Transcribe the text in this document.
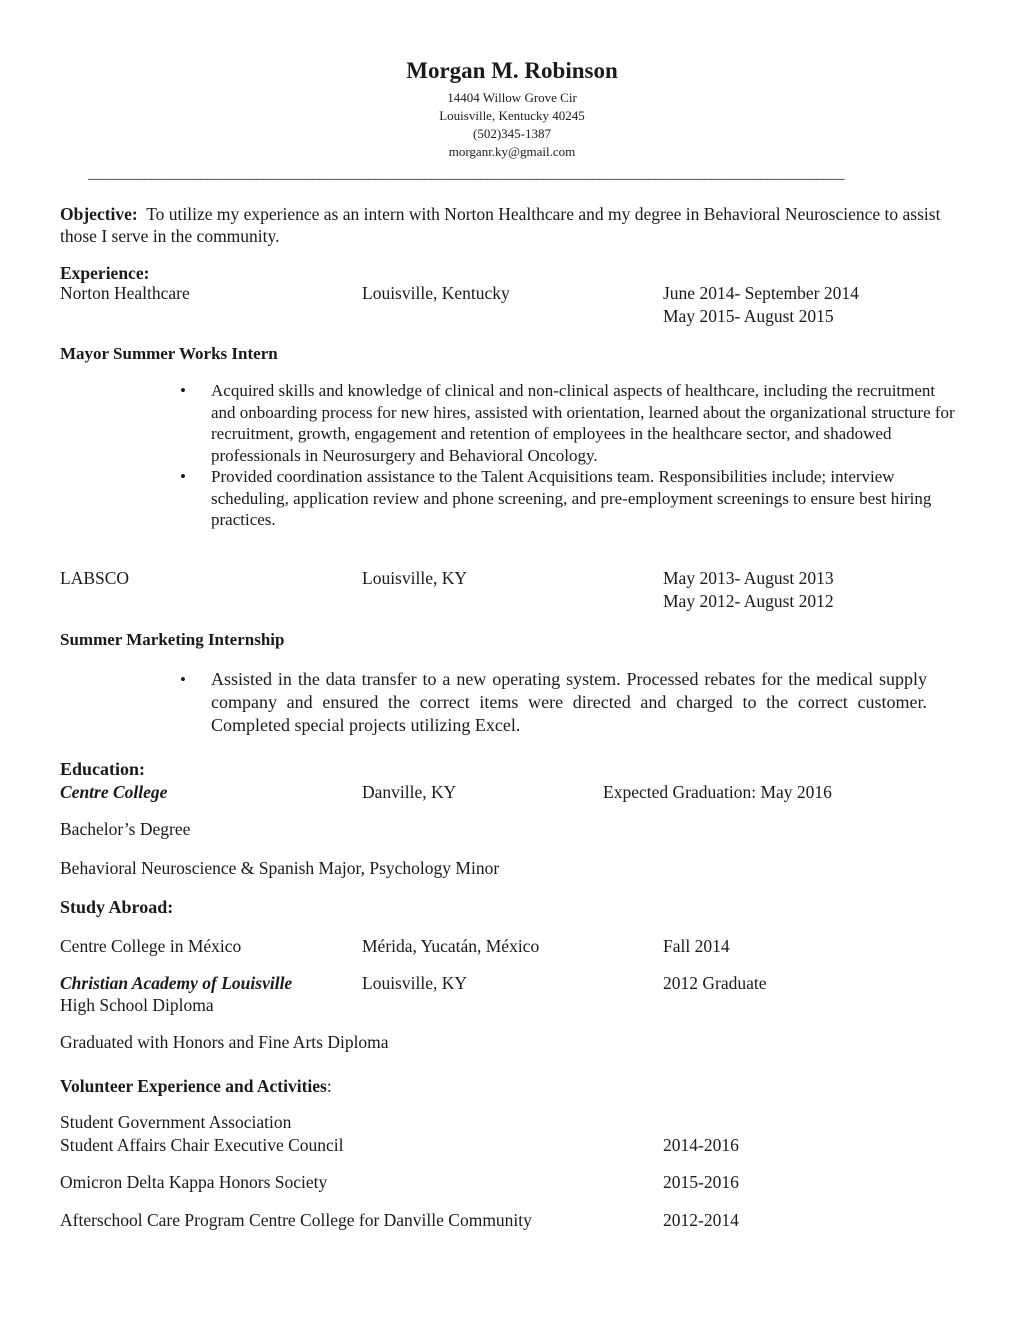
Morgan M. Robinson
14404 Willow Grove Cir
Louisville, Kentucky 40245
(502)345-1387
morganr.ky@gmail.com
____________________________________________________________________________________________________________
Objective: To utilize my experience as an intern with Norton Healthcare and my degree in Behavioral Neuroscience to assist those I serve in the community.
Experience:
Norton Healthcare	Louisville, Kentucky	June 2014- September 2014
May 2015- August 2015
Mayor Summer Works Intern
• Acquired skills and knowledge of clinical and non-clinical aspects of healthcare, including the recruitment and onboarding process for new hires, assisted with orientation, learned about the organizational structure for recruitment, growth, engagement and retention of employees in the healthcare sector, and shadowed professionals in Neurosurgery and Behavioral Oncology.
• Provided coordination assistance to the Talent Acquisitions team. Responsibilities include; interview scheduling, application review and phone screening, and pre-employment screenings to ensure best hiring practices.
LABSCO	Louisville, KY	May 2013- August 2013
May 2012- August 2012
Summer Marketing Internship
• Assisted in the data transfer to a new operating system. Processed rebates for the medical supply company and ensured the correct items were directed and charged to the correct customer. Completed special projects utilizing Excel.
Education:
Centre College	Danville, KY	Expected Graduation: May 2016
Bachelor’s Degree
Behavioral Neuroscience & Spanish Major, Psychology Minor
Study Abroad:
Centre College in México	Mérida, Yucatán, México	Fall 2014
Christian Academy of Louisville	Louisville, KY	2012 Graduate
High School Diploma
Graduated with Honors and Fine Arts Diploma
Volunteer Experience and Activities:
Student Government Association
Student Affairs Chair Executive Council	2014-2016
Omicron Delta Kappa Honors Society	2015-2016
Afterschool Care Program Centre College for Danville Community	2012-2014
